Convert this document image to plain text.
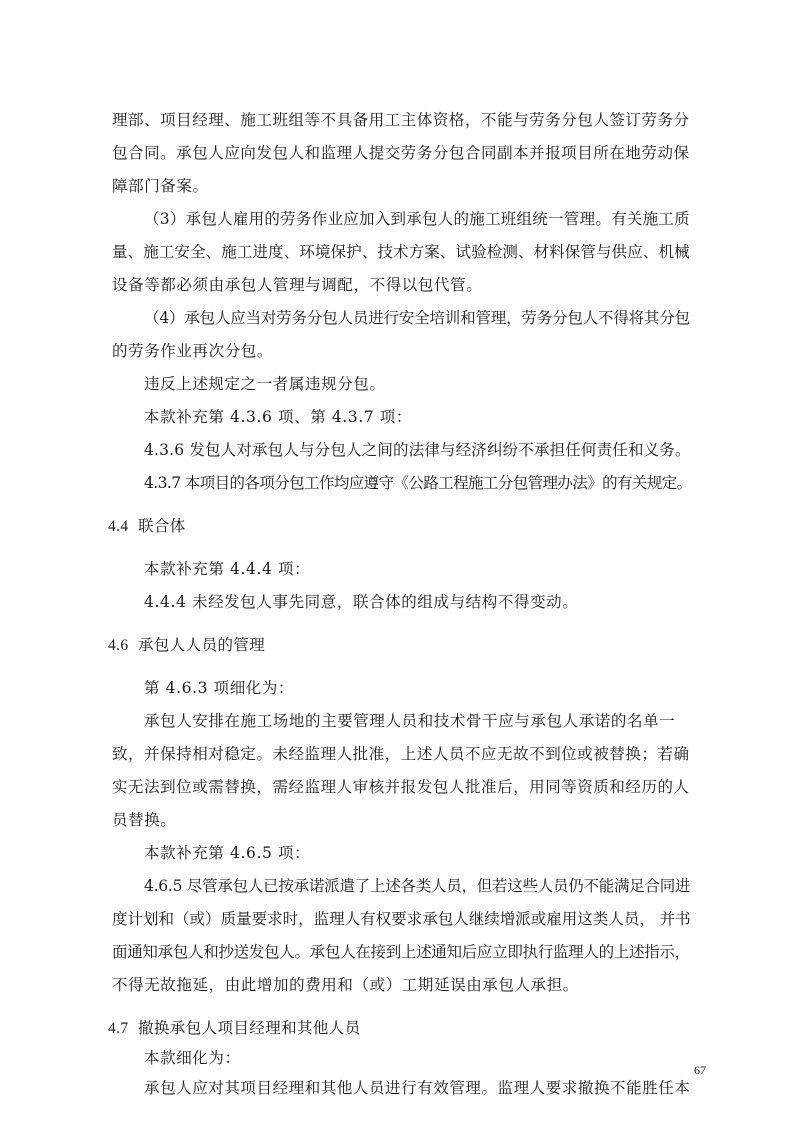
理部、项目经理、施工班组等不具备用工主体资格，不能与劳务分包人签订劳务分
包合同。承包人应向发包人和监理人提交劳务分包合同副本并报项目所在地劳动保
障部门备案。
（3）承包人雇用的劳务作业应加入到承包人的施工班组统一管理。有关施工质
量、施工安全、施工进度、环境保护、技术方案、试验检测、材料保管与供应、机械
设备等都必须由承包人管理与调配，不得以包代管。
（4）承包人应当对劳务分包人员进行安全培训和管理，劳务分包人不得将其分包
的劳务作业再次分包。
违反上述规定之一者属违规分包。
本款补充第 4.3.6 项、第 4.3.7 项：
4.3.6 发包人对承包人与分包人之间的法律与经济纠纷不承担任何责任和义务。
4.3.7 本项目的各项分包工作均应遵守《公路工程施工分包管理办法》的有关规定。
4.4 联合体
本款补充第 4.4.4 项：
4.4.4 未经发包人事先同意，联合体的组成与结构不得变动。
4.6 承包人人员的管理
第 4.6.3 项细化为：
承包人安排在施工场地的主要管理人员和技术骨干应与承包人承诺的名单一
致，并保持相对稳定。未经监理人批准，上述人员不应无故不到位或被替换；若确
实无法到位或需替换，需经监理人审核并报发包人批准后，用同等资质和经历的人
员替换。
本款补充第 4.6.5 项：
4.6.5 尽管承包人已按承诺派遣了上述各类人员，但若这些人员仍不能满足合同进
度计划和（或）质量要求时，监理人有权要求承包人继续增派或雇用这类人员， 并书
面通知承包人和抄送发包人。承包人在接到上述通知后应立即执行监理人的上述指示，
不得无故拖延，由此增加的费用和（或）工期延误由承包人承担。
4.7 撤换承包人项目经理和其他人员
本款细化为：
承包人应对其项目经理和其他人员进行有效管理。监理人要求撤换不能胜任本
67
